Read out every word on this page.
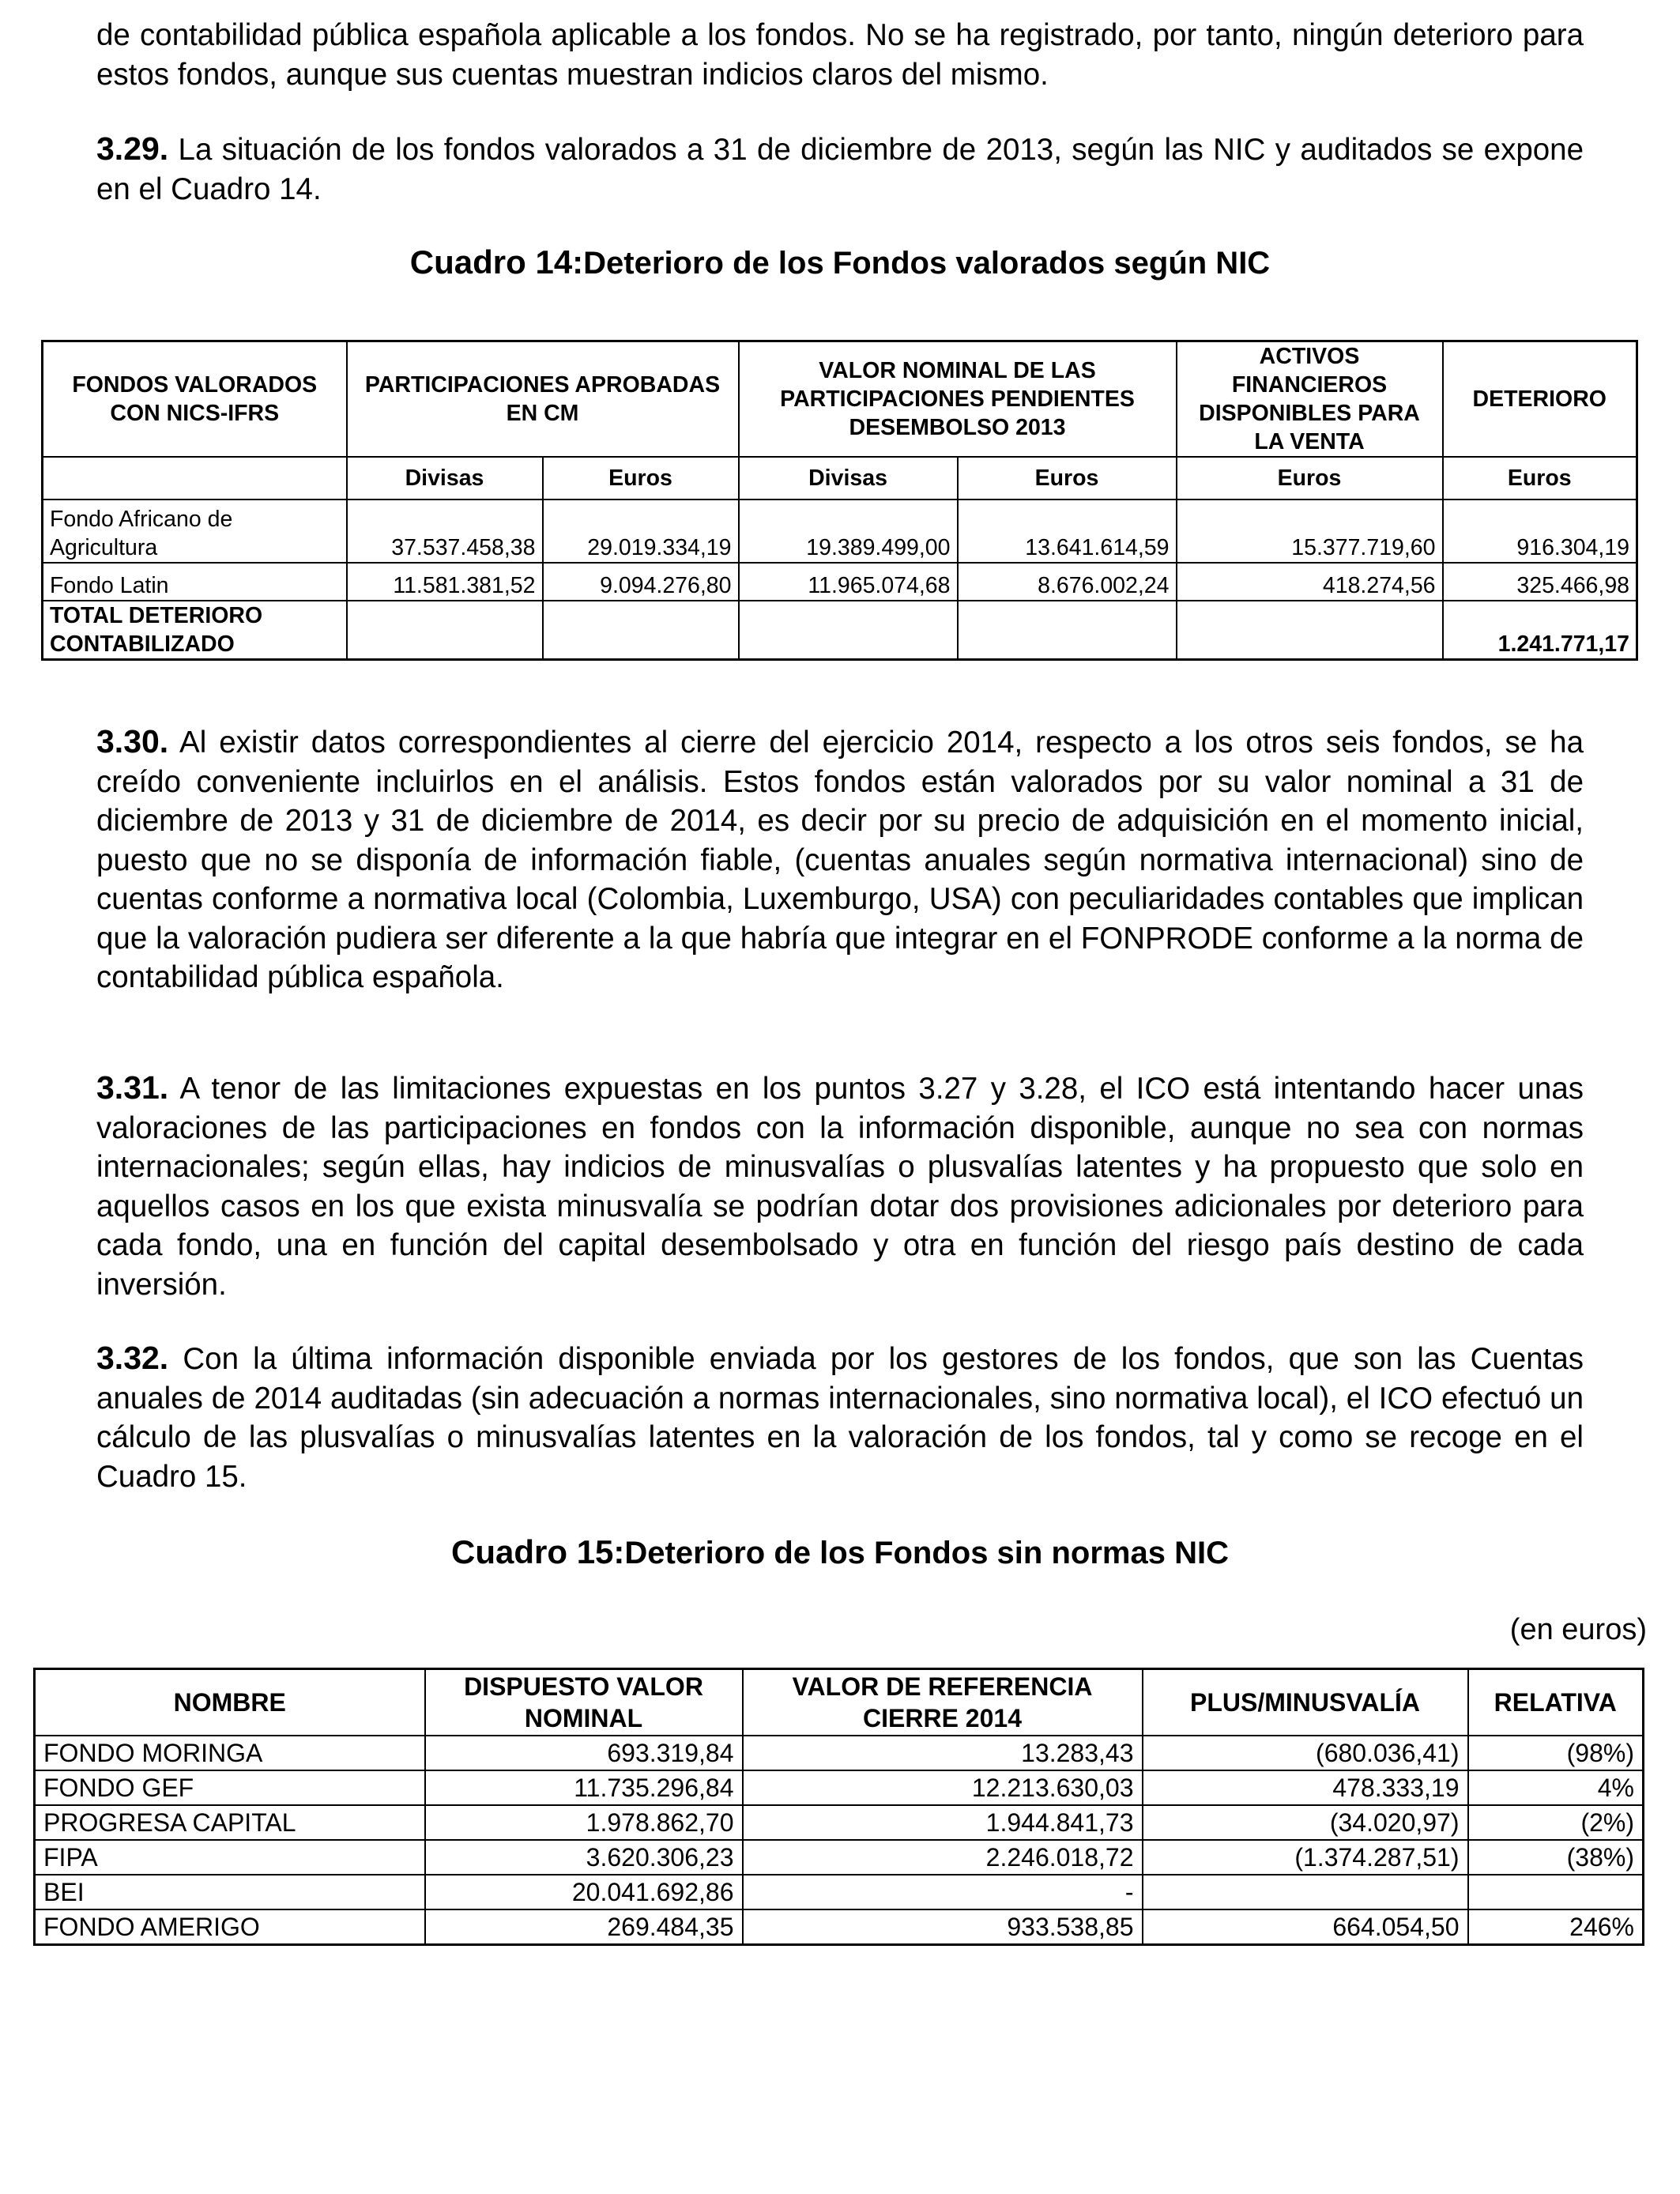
de contabilidad pública española aplicable a los fondos. No se ha registrado, por tanto, ningún deterioro para estos fondos, aunque sus cuentas muestran indicios claros del mismo.

3.29. La situación de los fondos valorados a 31 de diciembre de 2013, según las NIC y auditados se expone en el Cuadro 14.

Cuadro 14:Deterioro de los Fondos valorados según NIC

3.30. Al existir datos correspondientes al cierre del ejercicio 2014, respecto a los otros seis fondos, se ha creído conveniente incluirlos en el análisis. Estos fondos están valorados por su valor nominal a 31 de diciembre de 2013 y 31 de diciembre de 2014, es decir por su precio de adquisición en el momento inicial, puesto que no se disponía de información fiable, (cuentas anuales según normativa internacional) sino de cuentas conforme a normativa local (Colombia, Luxemburgo, USA) con peculiaridades contables que implican que la valoración pudiera ser diferente a la que habría que integrar en el FONPRODE conforme a la norma de contabilidad pública española.

3.31. A tenor de las limitaciones expuestas en los puntos 3.27 y 3.28, el ICO está intentando hacer unas valoraciones de las participaciones en fondos con la información disponible, aunque no sea con normas internacionales; según ellas, hay indicios de minusvalías o plusvalías latentes y ha propuesto que solo en aquellos casos en los que exista minusvalía se podrían dotar dos provisiones adicionales por deterioro para cada fondo, una en función del capital desembolsado y otra en función del riesgo país destino de cada inversión.

3.32. Con la última información disponible enviada por los gestores de los fondos, que son las Cuentas anuales de 2014 auditadas (sin adecuación a normas internacionales, sino normativa local), el ICO efectuó un cálculo de las plusvalías o minusvalías latentes en la valoración de los fondos, tal y como se recoge en el Cuadro 15.

Cuadro 15:Deterioro de los Fondos sin normas NIC

FONDOS VALORADOS CON NICS-IFRS	PARTICIPACIONES APROBADAS EN CM		VALOR NOMINAL DE LAS PARTICIPACIONES PENDIENTES DESEMBOLSO 2013		ACTIVOS FINANCIEROS DISPONIBLES PARA LA VENTA	DETERIORO
	Divisas	Euros	Divisas	Euros	Euros	Euros
Fondo Africano de Agricultura	37.537.458,38	29.019.334,19	19.389.499,00	13.641.614,59	15.377.719,60	916.304,19
Fondo Latin	11.581.381,52	9.094.276,80	11.965.074,68	8.676.002,24	418.274,56	325.466,98
TOTAL DETERIORO CONTABILIZADO						1.241.771,17
(en euros)
NOMBRE	DISPUESTO VALOR NOMINAL	VALOR DE REFERENCIA CIERRE 2014	PLUS/MINUSVALÍA	RELATIVA
FONDO MORINGA	693.319,84	13.283,43	(680.036,41)	(98%)
FONDO GEF	11.735.296,84	12.213.630,03	478.333,19	4%
PROGRESA CAPITAL	1.978.862,70	1.944.841,73	(34.020,97)	(2%)
FIPA	3.620.306,23	2.246.018,72	(1.374.287,51)	(38%)
BEI	20.041.692,86	-		
FONDO AMERIGO	269.484,35	933.538,85	664.054,50	246%
